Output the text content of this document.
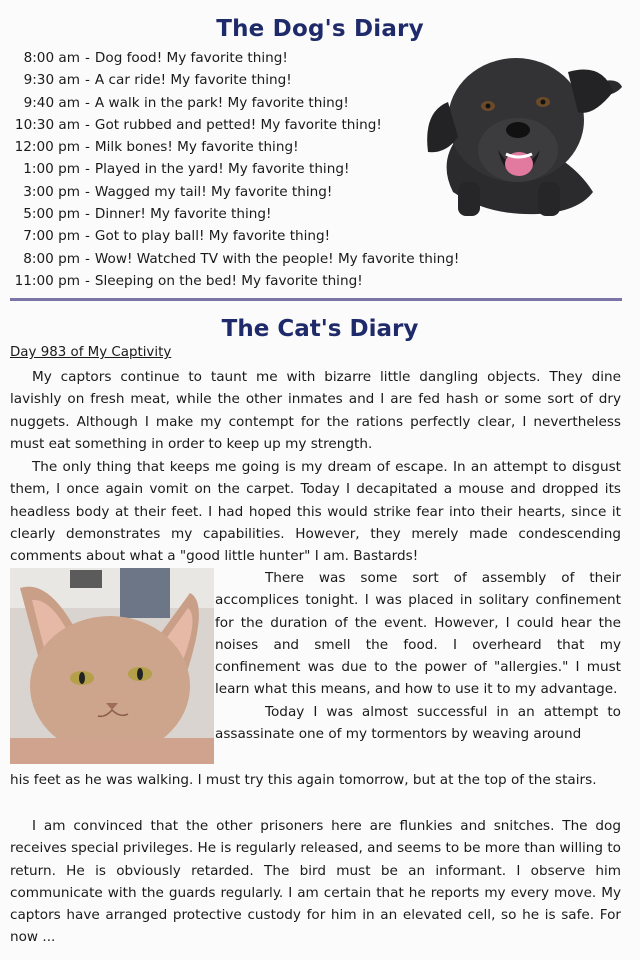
The Dog's Diary
8:00 am - Dog food! My favorite thing!
9:30 am - A car ride! My favorite thing!
9:40 am - A walk in the park! My favorite thing!
10:30 am - Got rubbed and petted! My favorite thing!
12:00 pm - Milk bones! My favorite thing!
1:00 pm - Played in the yard! My favorite thing!
3:00 pm - Wagged my tail! My favorite thing!
5:00 pm - Dinner! My favorite thing!
7:00 pm - Got to play ball! My favorite thing!
8:00 pm - Wow! Watched TV with the people! My favorite thing!
11:00 pm - Sleeping on the bed! My favorite thing!
The Cat's Diary
Day 983 of My Captivity
My captors continue to taunt me with bizarre little dangling objects. They dine lavishly on fresh meat, while the other inmates and I are fed hash or some sort of dry nuggets. Although I make my contempt for the rations perfectly clear, I nevertheless must eat something in order to keep up my strength.
The only thing that keeps me going is my dream of escape. In an attempt to disgust them, I once again vomit on the carpet. Today I decapitated a mouse and dropped its headless body at their feet. I had hoped this would strike fear into their hearts, since it clearly demonstrates my capabilities. However, they merely made condescending comments about what a "good little hunter" I am. Bastards!

There was some sort of assembly of their accomplices tonight. I was placed in solitary confinement for the duration of the event. However, I could hear the noises and smell the food. I overheard that my confinement was due to the power of "allergies." I must learn what this means, and how to use it to my advantage.

Today I was almost successful in an attempt to assassinate one of my tormentors by weaving around

his feet as he was walking. I must try this again tomorrow, but at the top of the stairs.
I am convinced that the other prisoners here are flunkies and snitches. The dog receives special privileges. He is regularly released, and seems to be more than willing to return. He is obviously retarded. The bird must be an informant. I observe him communicate with the guards regularly. I am certain that he reports my every move. My captors have arranged protective custody for him in an elevated cell, so he is safe. For now ...
